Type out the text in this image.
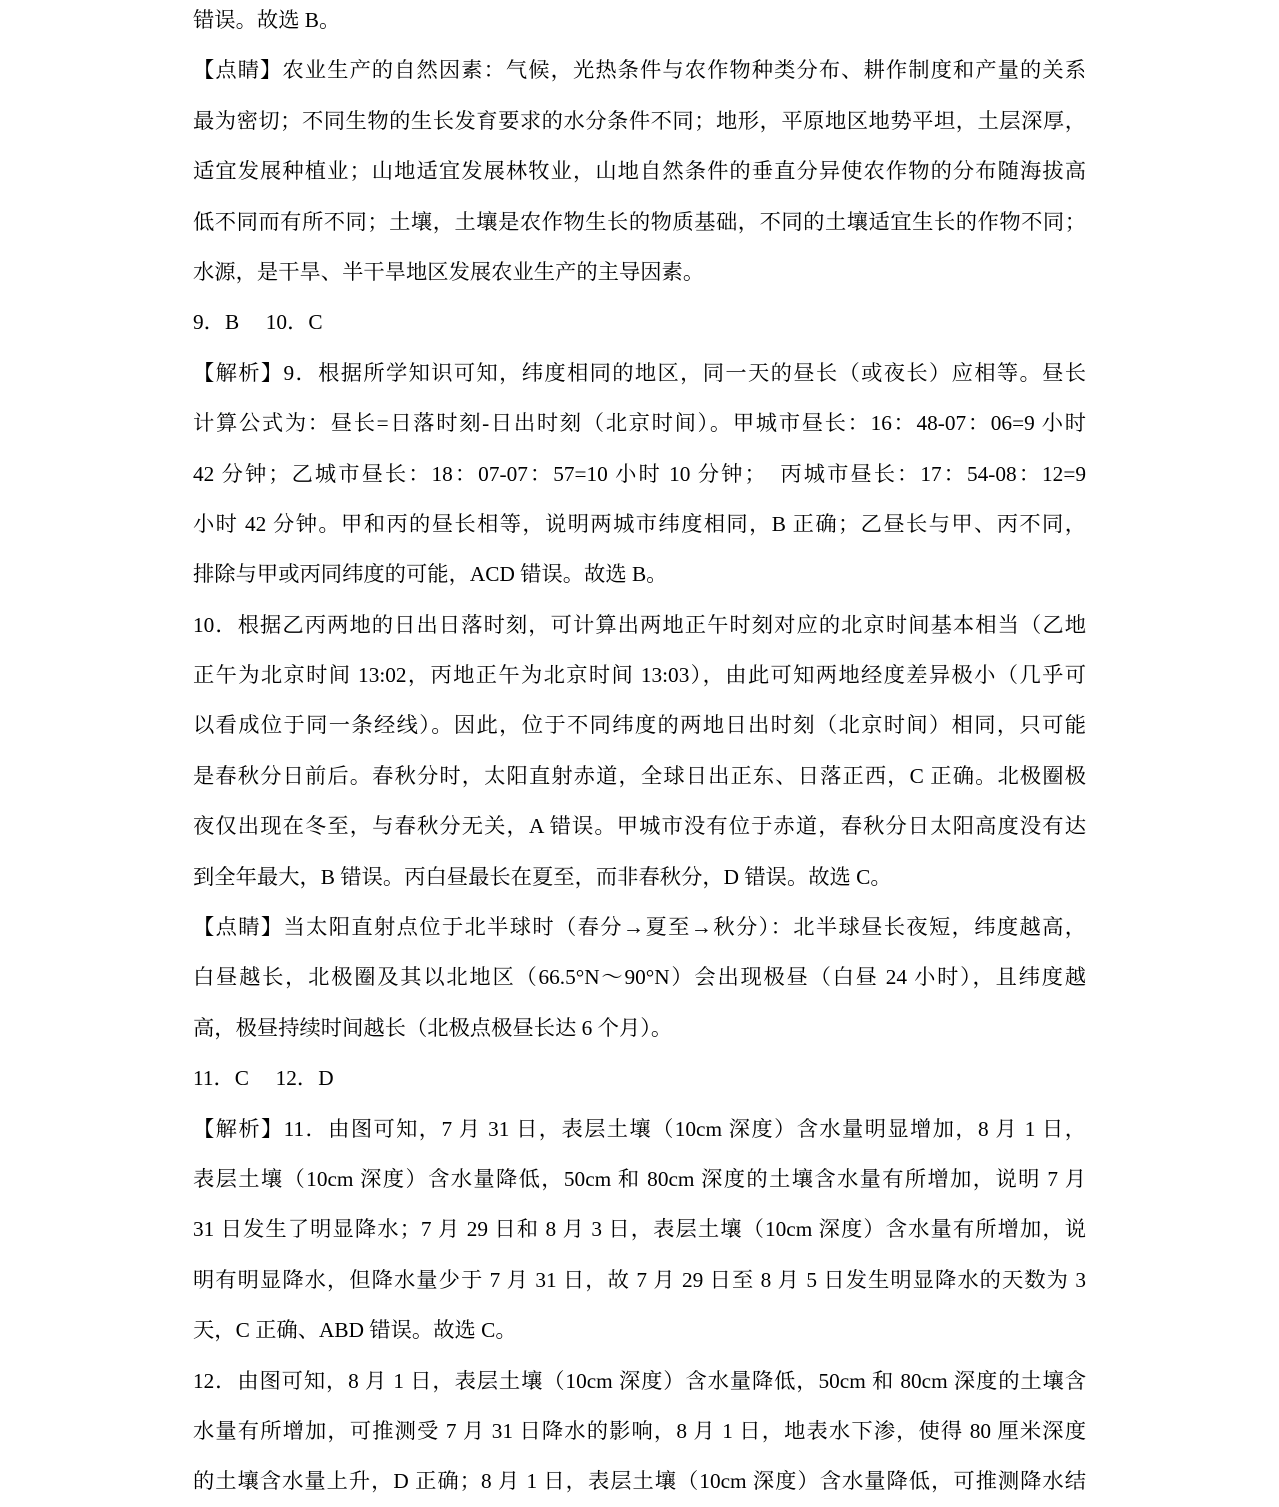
错误。故选 B。
【点睛】农业生产的自然因素：气候，光热条件与农作物种类分布、耕作制度和产量的关系
最为密切；不同生物的生长发育要求的水分条件不同；地形，平原地区地势平坦，土层深厚，
适宜发展种植业；山地适宜发展林牧业，山地自然条件的垂直分异使农作物的分布随海拔高
低不同而有所不同；土壤，土壤是农作物生长的物质基础，不同的土壤适宜生长的作物不同；
水源，是干旱、半干旱地区发展农业生产的主导因素。
9．B　 10．C
【解析】9．根据所学知识可知，纬度相同的地区，同一天的昼长（或夜长）应相等。昼长
计算公式为：昼长=日落时刻-日出时刻（北京时间）。甲城市昼长：16：48-07：06=9 小时
42 分钟；乙城市昼长：18：07-07：57=10 小时 10 分钟；  丙城市昼长：17：54-08：12=9
小时 42 分钟。甲和丙的昼长相等，说明两城市纬度相同，B 正确；乙昼长与甲、丙不同，
排除与甲或丙同纬度的可能，ACD 错误。故选 B。
10．根据乙丙两地的日出日落时刻，可计算出两地正午时刻对应的北京时间基本相当（乙地
正午为北京时间 13:02，丙地正午为北京时间 13:03），由此可知两地经度差异极小（几乎可
以看成位于同一条经线）。因此，位于不同纬度的两地日出时刻（北京时间）相同，只可能
是春秋分日前后。春秋分时，太阳直射赤道，全球日出正东、日落正西，C 正确。北极圈极
夜仅出现在冬至，与春秋分无关，A 错误。甲城市没有位于赤道，春秋分日太阳高度没有达
到全年最大，B 错误。丙白昼最长在夏至，而非春秋分，D 错误。故选 C。
【点睛】当太阳直射点位于北半球时（春分→夏至→秋分）：北半球昼长夜短，纬度越高，
白昼越长，北极圈及其以北地区（66.5°N～90°N）会出现极昼（白昼 24 小时），且纬度越
高，极昼持续时间越长（北极点极昼长达 6 个月）。
11．C　 12．D
【解析】11．由图可知，7 月 31 日，表层土壤（10cm 深度）含水量明显增加，8 月 1 日，
表层土壤（10cm 深度）含水量降低，50cm 和 80cm 深度的土壤含水量有所增加，说明 7 月
31 日发生了明显降水；7 月 29 日和 8 月 3 日，表层土壤（10cm 深度）含水量有所增加，说
明有明显降水，但降水量少于 7 月 31 日，故 7 月 29 日至 8 月 5 日发生明显降水的天数为 3
天，C 正确、ABD 错误。故选 C。
12．由图可知，8 月 1 日，表层土壤（10cm 深度）含水量降低，50cm 和 80cm 深度的土壤含
水量有所增加，可推测受 7 月 31 日降水的影响，8 月 1 日，地表水下渗，使得 80 厘米深度
的土壤含水量上升，D 正确；8 月 1 日，表层土壤（10cm 深度）含水量降低，可推测降水结
